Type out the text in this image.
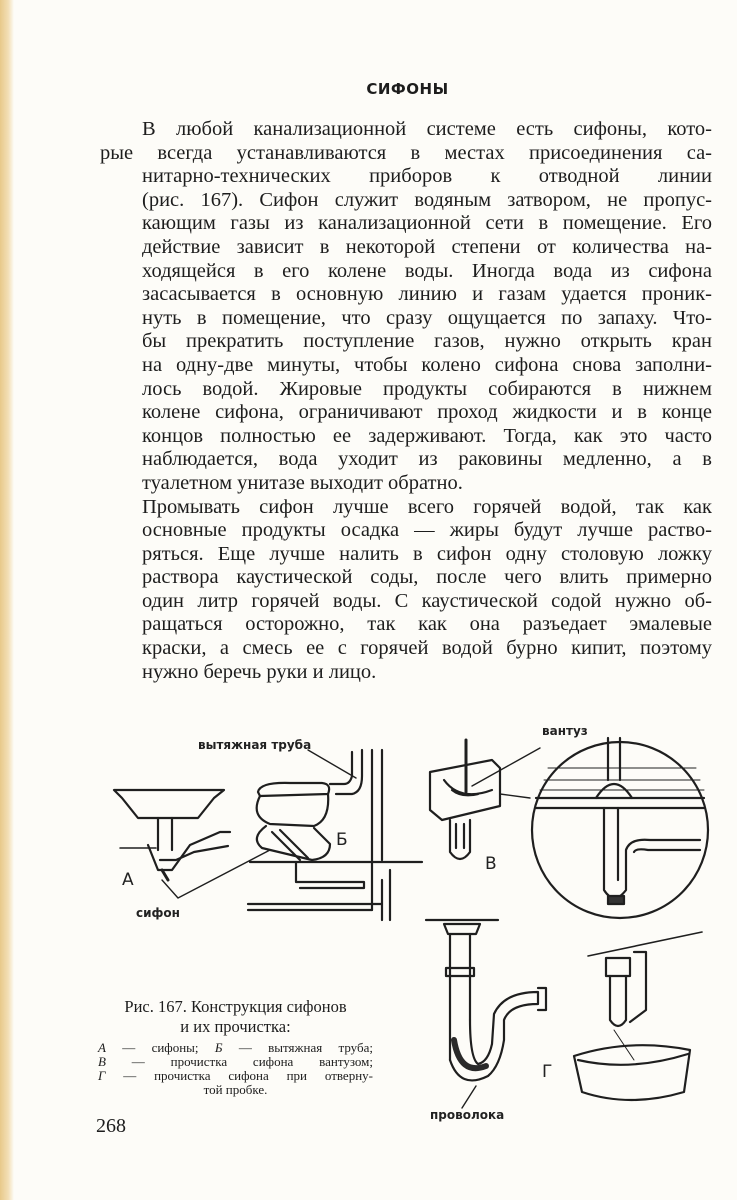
СИФОНЫ

В любой канализационной системе есть сифоны, кото-
рые всегда устанавливаются в местах присоединения са-
нитарно-технических приборов к отводной линии
(рис. 167). Сифон служит водяным затвором, не пропус-
кающим газы из канализационной сети в помещение. Его
действие зависит в некоторой степени от количества на-
ходящейся в его колене воды. Иногда вода из сифона
засасывается в основную линию и газам удается проник-
нуть в помещение, что сразу ощущается по запаху. Что-
бы прекратить поступление газов, нужно открыть кран
на одну-две минуты, чтобы колено сифона снова заполни-
лось водой. Жировые продукты собираются в нижнем
колене сифона, ограничивают проход жидкости и в конце
концов полностью ее задерживают. Тогда, как это часто
наблюдается, вода уходит из раковины медленно, а в
туалетном унитазе выходит обратно.

Промывать сифон лучше всего горячей водой, так как
основные продукты осадка — жиры будут лучше раство-
ряться. Еще лучше налить в сифон одну столовую ложку
раствора каустической соды, после чего влить примерно
один литр горячей воды. С каустической содой нужно об-
ращаться осторожно, так как она разъедает эмалевые
краски, а смесь ее с горячей водой бурно кипит, поэтому
нужно беречь руки и лицо.

вытяжная труба
вантуз
сифон
проволока
А
Б
В
Г
Рис. 167. Конструкция сифонов
и их прочистка:
А — сифоны; Б — вытяжная труба;
В — прочистка сифона вантузом;
Г — прочистка сифона при отверну-
той пробке.
268
